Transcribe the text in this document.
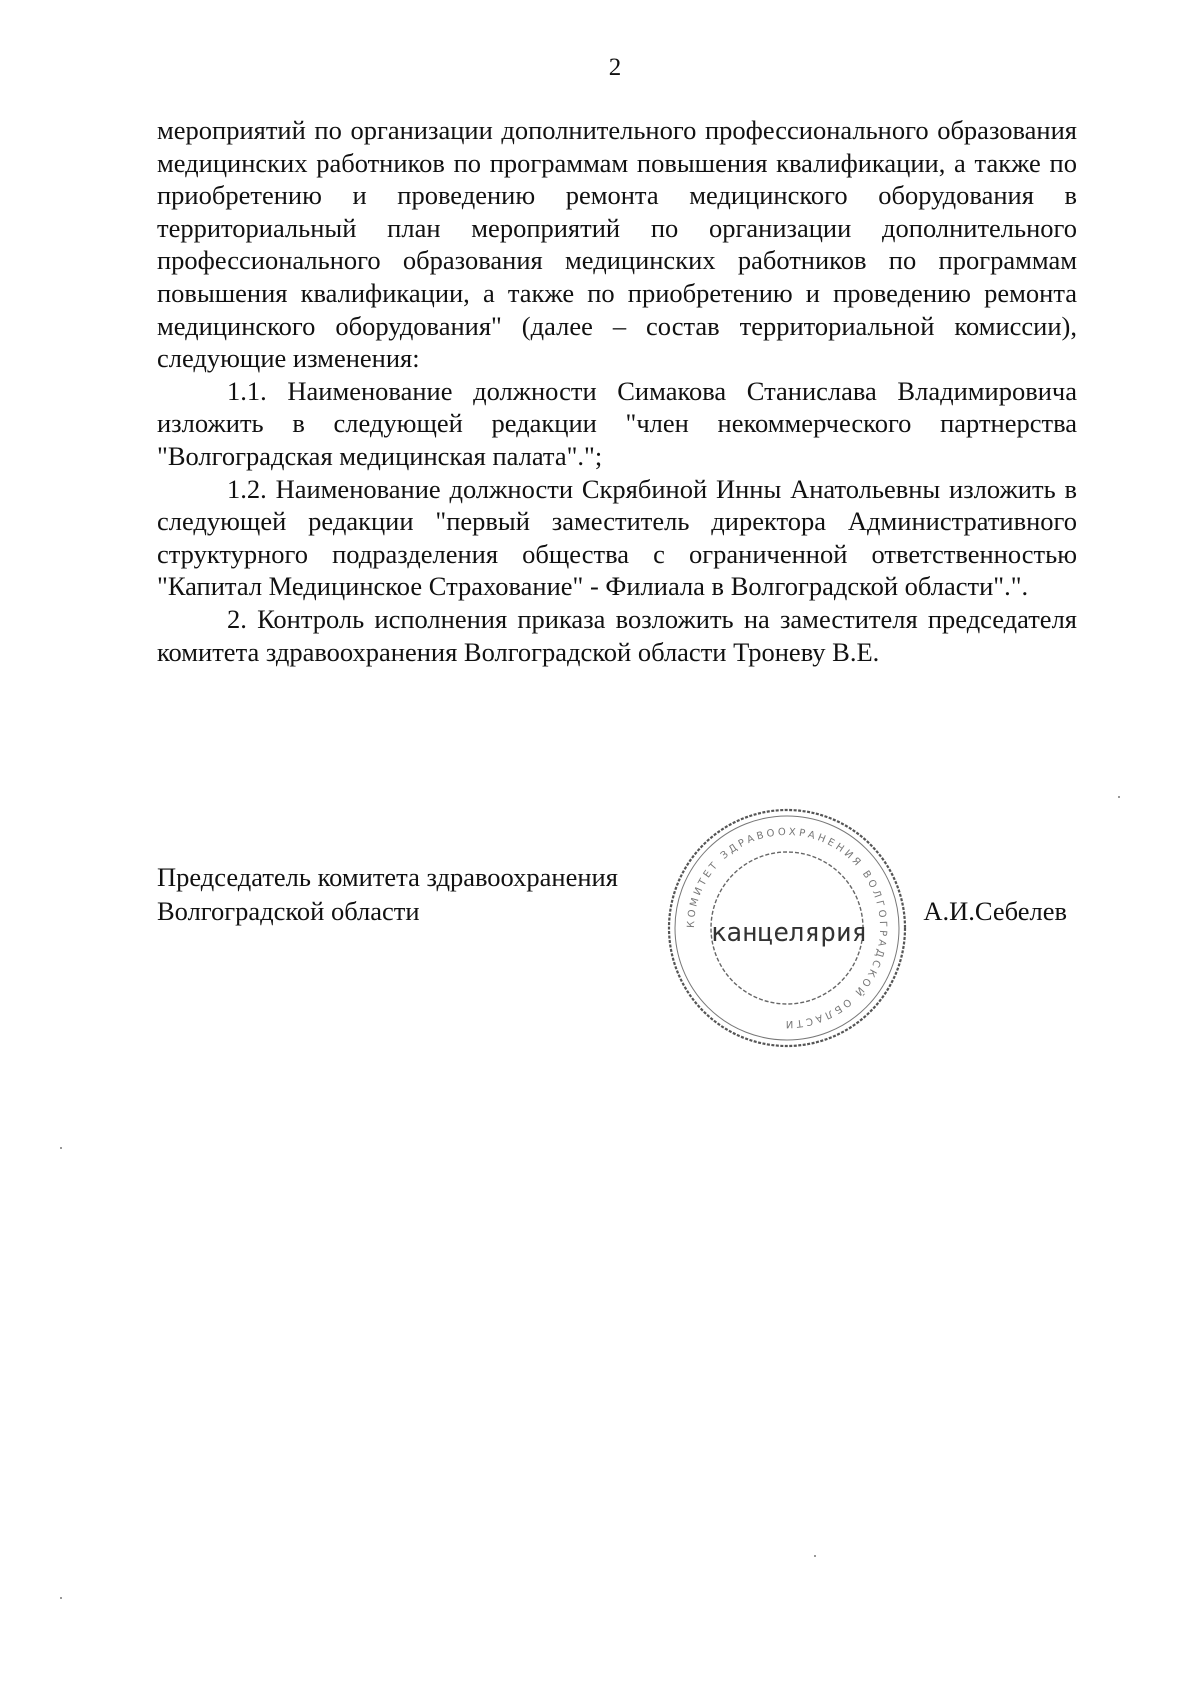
2

мероприятий по организации дополнительного профессионального образования медицинских работников по программам повышения квалификации, а также по приобретению и проведению ремонта медицинского оборудования в территориальный план мероприятий по организации дополнительного профессионального образования медицинских работников по программам повышения квалификации, а также по приобретению и проведению ремонта медицинского оборудования" (далее – состав территориальной комиссии), следующие изменения:

1.1. Наименование должности Симакова Станислава Владимировича изложить в следующей редакции "член некоммерческого партнерства "Волгоградская медицинская палата".";

1.2. Наименование должности Скрябиной Инны Анатольевны изложить в следующей редакции "первый заместитель директора Административного структурного подразделения общества с ограниченной ответственностью "Капитал Медицинское Страхование" - Филиала в Волгоградской области".".

2. Контроль исполнения приказа возложить на заместителя председателя комитета здравоохранения Волгоградской области Троневу В.Е.

Председатель комитета здравоохранения
Волгоградской области	А.И.Себелев
КОМИТЕТ ЗДРАВООХРАНЕНИЯ ВОЛГОГРАДСКОЙ ОБЛАСТИ
канцелярия
